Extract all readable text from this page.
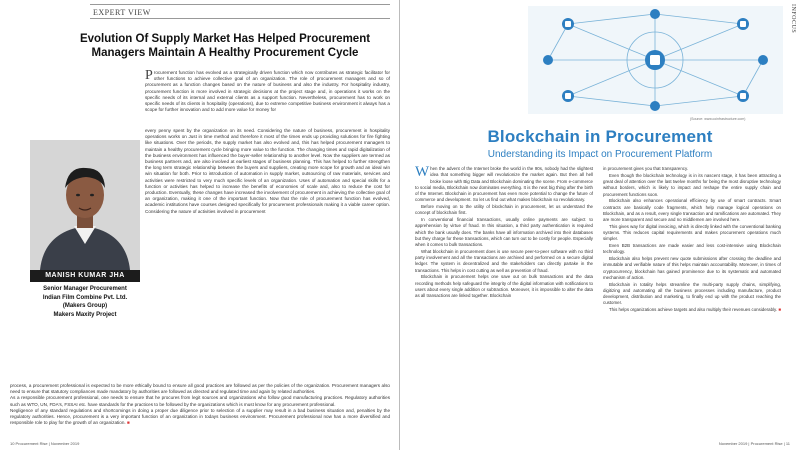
EXPERT VIEW
Evolution Of Supply Market Has Helped Procurement
Managers Maintain A Healthy Procurement Cycle
Procurement function has evolved as a strategically driven function which now contributes as strategic facilitator for other functions to achieve collective goal of an organization. The role of procurement managers and so of procurement as a function changes based on the nature of business and also the industry. For hospitality industry, procurement function is more involved in strategic decisions at the project stage and, in operations it works on the specific needs of its internal and external clients as a support function. Nevertheless, procurement has to work on specific needs of its clients in hospitality (operations), due to extreme competitive business environment it always has a scope for further innovation and to add more value for money for
MANISH KUMAR JHA
Senior Manager Procurement
Indian Film Combine Pvt. Ltd.
(Makers Group)
Makers Maxity Project
every penny spent by the organization on its need. Considering the nature of business, procurement in hospitality operations works on Just in time method and therefore it most of the times ends up providing solutions for fire fighting like situations. Over the periods, the supply market has also evolved and, this has helped procurement managers to maintain a healthy procurement cycle bringing more value to the function. The changing times and rapid digitalization of the business environment has influenced the buyer-seller relationship to another level. Now the suppliers are termed as business partners and, are also involved at earliest stages of business planning. This has helped to further strengthen the long term strategic relationship between the buyers and suppliers, creating more scope for growth and an ideal win win situation for both. Prior to introduction of automation in supply market, outsourcing of raw materials, services and activities were restricted to very much specific levels of an organization. Uses of automation and special skills for a function or activities has helped to increase the benefits of economies of scale and, also to reduce the cost for production. Eventually, these changes have increased the involvement of procurement in achieving the collective goal of an organization, making it one of the important function. Now that the role of procurement function has evolved, academic institutions have courses designed specifically for procurement professionals making it a viable career option. Considering the nature of activities involved in procurement

process, a procurement professional is expected to be more ethically bound to ensure all good practices are followed as per the policies of the organization. Procurement managers also need to ensure that statutory compliances made mandatory by authorities are followed as directed and regulated time and again by related authorities.

As a responsible procurement professional, one needs to ensure that he procures from legit sources and organizations who follow good manufacturing practices. Regulatory authorities such as WTO, UN, FDA's, FSSAI etc. have standards for the practices to be followed by the organizations which is must know for any procurement professional.

Negligence of any standard regulations and shortcomings in doing a proper due diligence prior to selection of a supplier may result in a bad business situation and, penalties by the regulatory authorities. Hence, procurement is a very important function of an organization in todays business environment. Procurement professional now has a more diversified and responsible role to play for the growth of an organization. ■

10 Procurement Rise | November 2019
INFOCUS
(Source: www.coinfrastructure.com)
Blockchain in Procurement
Understanding its Impact on Procurement Platform

When the advent of the Internet broke the world in the 90s, nobody had the slightest idea that something bigger will revolutionize the market again. But then all hell broke loose with Big Data and Blockchain dominating the scene. From e-commerce to social media, Blockchain now dominates everything. It is the next big thing after the birth of the Internet. Blockchain in procurement has even more potential to change the future of commerce and development. So let us find out what makes blockchain so revolutionary.

Before moving on to the utility of blockchain in procurement, let us understand the concept of blockchain first.

In conventional financial transactions, usually online payments are subject to apprehension by virtue of fraud. In this situation, a third party authentication is required which the bank usually does. The banks have all information archived into their databases but they charge for these transactions, which can turn out to be costly for people. Especially when it comes to bulk transactions.

What blockchain in procurement does is use secure peer-to-peer software with no third party involvement and all the transactions are archived and performed on a secure digital ledger. The system is decentralized and the stakeholders can directly partake in the transactions. This helps in cost cutting as well as prevention of fraud.

Blockchain in procurement helps one save out on bulk transactions and the data recording methods help safeguard the integrity of the digital information with notifications to users about every single addition or subtraction. Moreover, it is impossible to alter the data as all transactions are linked together. Blockchain

in procurement gives you that transparency.

Even though the blockchain technology is in its nascent stage, it has been attracting a great deal of attention over the last twelve months for being the most disruptive technology without borders, which is likely to impact and reshape the entire supply chain and procurement functions soon.

Blockchain also enhances operational efficiency by use of smart contracts. Smart contracts are basically code fragments, which help manage logical operations on Blockchain, and as a result, every single transaction and ramifications are automated. They are more transparent and secure and no middlemen are involved here.

This gives way for digital invoicing, which is directly linked with the conventional banking systems. This reduces capital requirements and makes procurement operations much simpler.

Even B2B transactions are made easier and less cost-intensive using Blockchain technology.

Blockchain also helps prevent new quote submissions after crossing the deadline and immutable and verifiable nature of this helps maintain accountability. Moreover, in times of cryptocurrency, blockchain has gained prominence due to its systematic and automated mechanism of action.

Blockchain in totality helps streamline the multi-party supply chains, simplifying, digitizing and automating all the business processes including manufacture, product development, distribution and marketing, to finally end up with the product reaching the customer.

This helps organizations achieve targets and also multiply their revenues considerably. ■

November 2019 | Procurement Rise | 11
